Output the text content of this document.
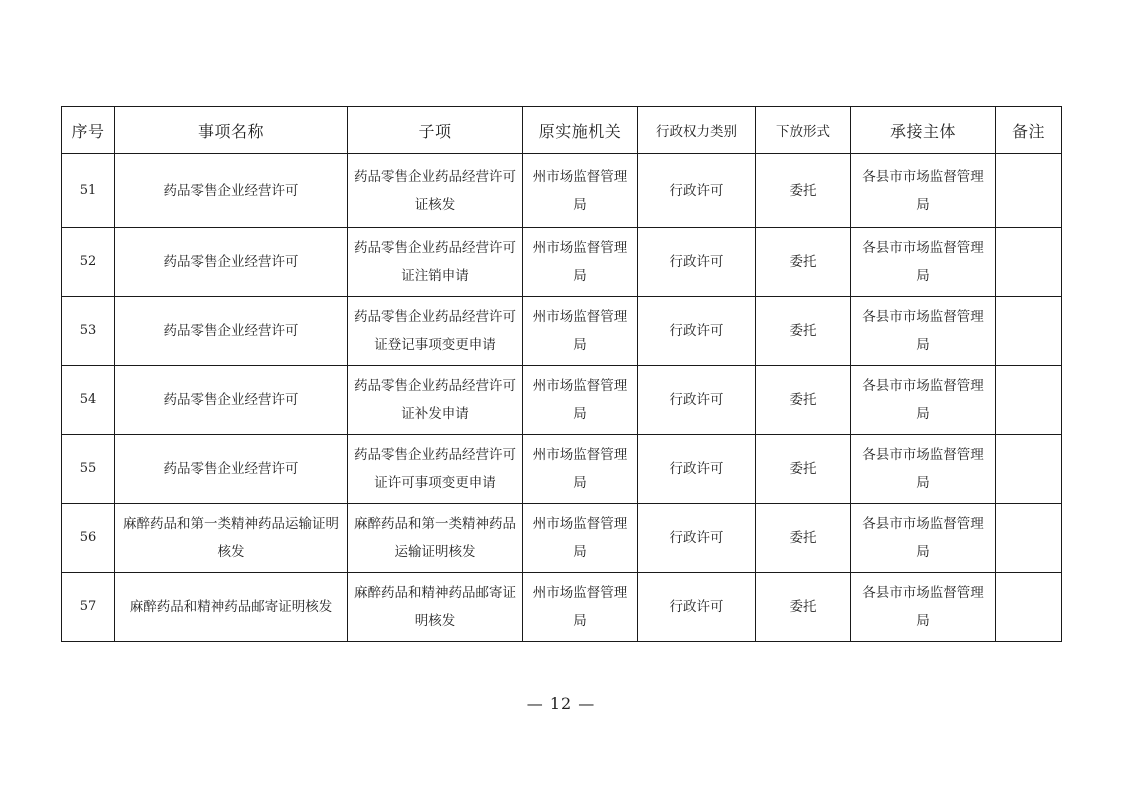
序号	事项名称	子项	原实施机关	行政权力类别	下放形式	承接主体	备注
51	药品零售企业经营许可	药品零售企业药品经营许可证核发	州市场监督管理局	行政许可	委托	各县市市场监督管理局	
52	药品零售企业经营许可	药品零售企业药品经营许可证注销申请	州市场监督管理局	行政许可	委托	各县市市场监督管理局	
53	药品零售企业经营许可	药品零售企业药品经营许可证登记事项变更申请	州市场监督管理局	行政许可	委托	各县市市场监督管理局	
54	药品零售企业经营许可	药品零售企业药品经营许可证补发申请	州市场监督管理局	行政许可	委托	各县市市场监督管理局	
55	药品零售企业经营许可	药品零售企业药品经营许可证许可事项变更申请	州市场监督管理局	行政许可	委托	各县市市场监督管理局	
56	麻醉药品和第一类精神药品运输证明核发	麻醉药品和第一类精神药品运输证明核发	州市场监督管理局	行政许可	委托	各县市市场监督管理局	
57	麻醉药品和精神药品邮寄证明核发	麻醉药品和精神药品邮寄证明核发	州市场监督管理局	行政许可	委托	各县市市场监督管理局	
— 12 —
